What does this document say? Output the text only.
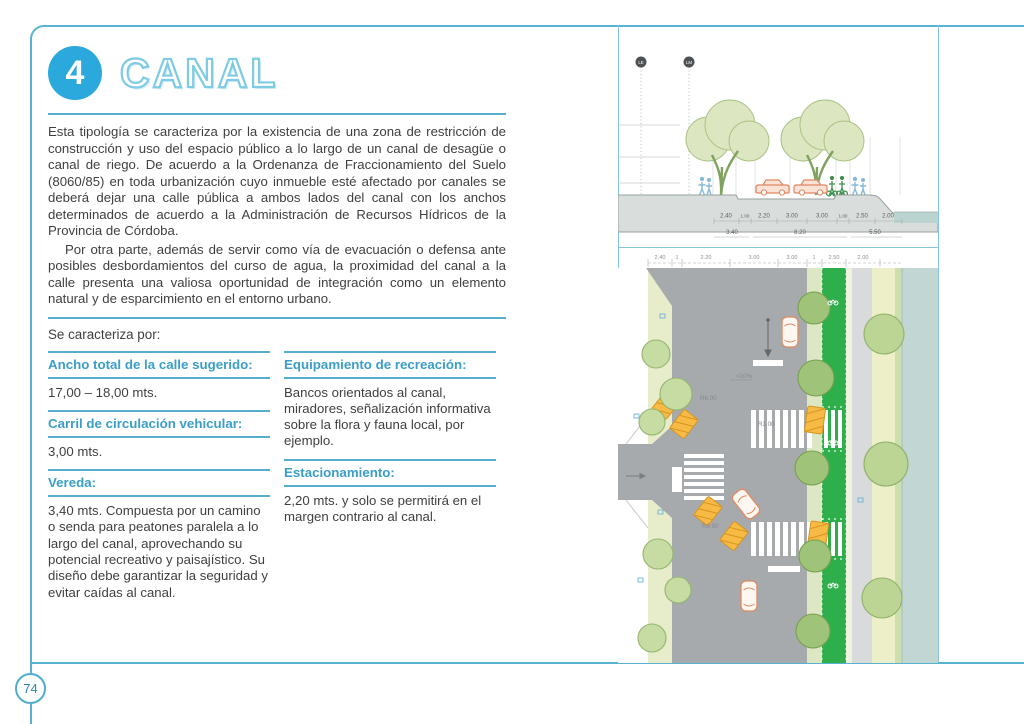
74
4 CANAL

Esta tipología se caracteriza por la existencia de una zona de restricción de construcción y uso del espacio público a lo largo de un canal de desagüe o canal de riego. De acuerdo a la Ordenanza de Fraccionamiento del Suelo (8060/85) en toda urbanización cuyo inmueble esté afectado por canales se deberá dejar una calle pública a ambos lados del canal con los anchos determinados de acuerdo a la Administración de Recursos Hídricos de la Provincia de Córdoba.

Por otra parte, además de servir como vía de evacuación o defensa ante posibles desbordamientos del curso de agua, la proximidad del canal a la calle presenta una valiosa oportunidad de integración como un elemento natural y de esparcimiento en el entorno urbano.

Se caracteriza por:

Ancho total de la calle sugerido:
17,00 – 18,00 mts.
Carril de circulación vehicular:
3,00 mts.
Vereda:
3,40 mts. Compuesta por un camino o senda para peatones paralela a lo largo del canal, aprovechando su potencial recreativo y paisajístico. Su diseño debe garantizar la seguridad y evitar caídas al canal.
Equipamiento de recreación:
Bancos orientados al canal, miradores, señalización informativa sobre la flora y fauna local, por ejemplo.
Estacionamiento:
2,20 mts. y solo se permitirá en el margen contrario al canal.
LE	LM
2.40 1.00 2.20	3.00	3.00 1.00 2.50 2.00
3.40	8.20	5.50
<10%
R6.00
R3.00
R6.00
2.40 1	2.20	3.00	3.00	1 2.50	2.00
